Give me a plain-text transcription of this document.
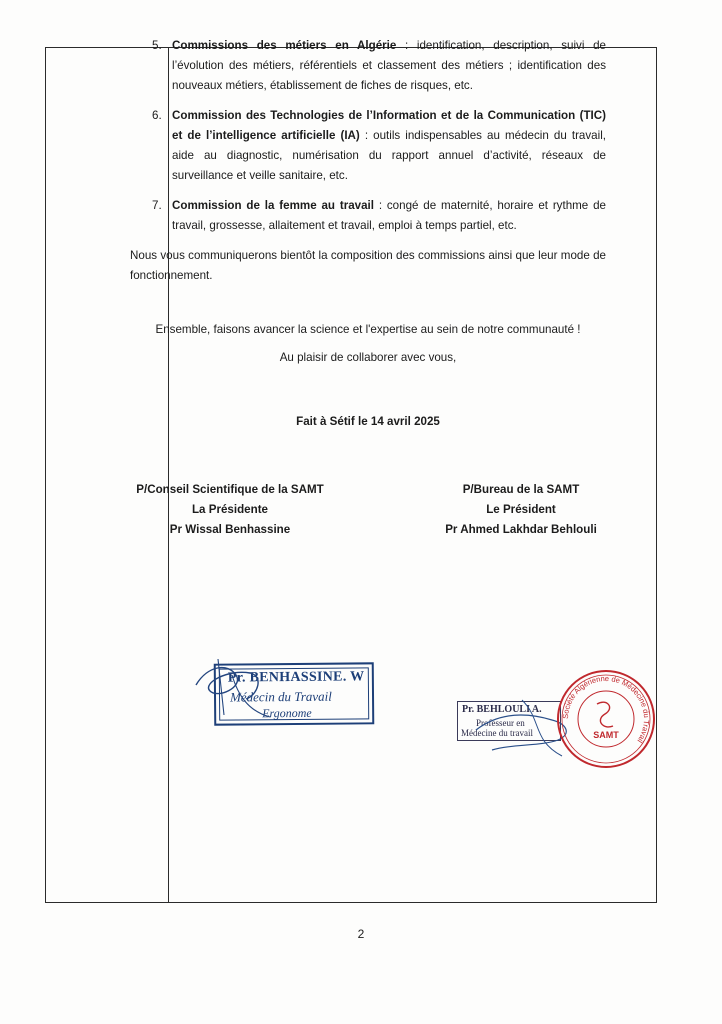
5. Commissions des métiers en Algérie : identification, description, suivi de l’évolution des métiers, référentiels et classement des métiers ; identification des nouveaux métiers, établissement de fiches de risques, etc.
6. Commission des Technologies de l’Information et de la Communication (TIC) et de l’intelligence artificielle (IA) : outils indispensables au médecin du travail, aide au diagnostic, numérisation du rapport annuel d’activité, réseaux de surveillance et veille sanitaire, etc.
7. Commission de la femme au travail : congé de maternité, horaire et rythme de travail, grossesse, allaitement et travail, emploi à temps partiel, etc.

Nous vous communiquerons bientôt la composition des commissions ainsi que leur mode de fonctionnement.

Ensemble, faisons avancer la science et l'expertise au sein de notre communauté !
Au plaisir de collaborer avec vous,
Fait à Sétif le 14 avril 2025
P/Conseil Scientifique de la SAMT
La Présidente
Pr Wissal Benhassine
P/Bureau de la SAMT
Le Président
Pr Ahmed Lakhdar Behlouli
Pr. BENHASSINE. W
Médecin du Travail
Ergonome	Pr. BEHLOULI A.
Professeur en
Médecine du travail
Société Algérienne de Médecine du Travail
SAMT
2
